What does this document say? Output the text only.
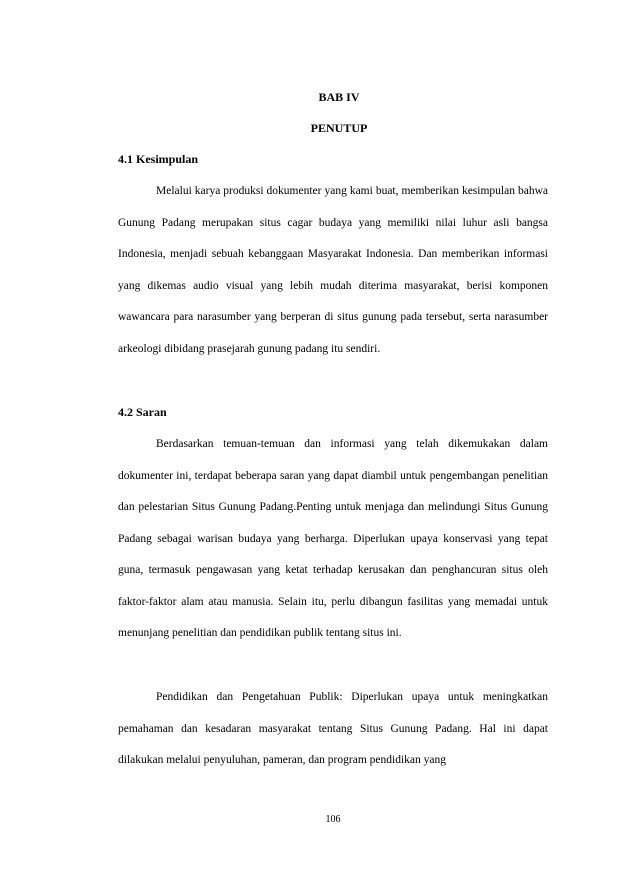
BAB IV

PENUTUP

4.1 Kesimpulan

Melalui karya produksi dokumenter yang kami buat, memberikan kesimpulan bahwa Gunung Padang merupakan situs cagar budaya yang memiliki nilai luhur asli bangsa Indonesia, menjadi sebuah kebanggaan Masyarakat Indonesia. Dan memberikan informasi yang dikemas audio visual yang lebih mudah diterima masyarakat, berisi komponen wawancara para narasumber yang berperan di situs gunung pada tersebut, serta narasumber arkeologi dibidang prasejarah gunung padang itu sendiri.

4.2 Saran

Berdasarkan temuan-temuan dan informasi yang telah dikemukakan dalam dokumenter ini, terdapat beberapa saran yang dapat diambil untuk pengembangan penelitian dan pelestarian Situs Gunung Padang.Penting untuk menjaga dan melindungi Situs Gunung Padang sebagai warisan budaya yang berharga. Diperlukan upaya konservasi yang tepat guna, termasuk pengawasan yang ketat terhadap kerusakan dan penghancuran situs oleh faktor-faktor alam atau manusia. Selain itu, perlu dibangun fasilitas yang memadai untuk menunjang penelitian dan pendidikan publik tentang situs ini.

Pendidikan dan Pengetahuan Publik: Diperlukan upaya untuk meningkatkan pemahaman dan kesadaran masyarakat tentang Situs Gunung Padang. Hal ini dapat dilakukan melalui penyuluhan, pameran, dan program pendidikan yang

106
